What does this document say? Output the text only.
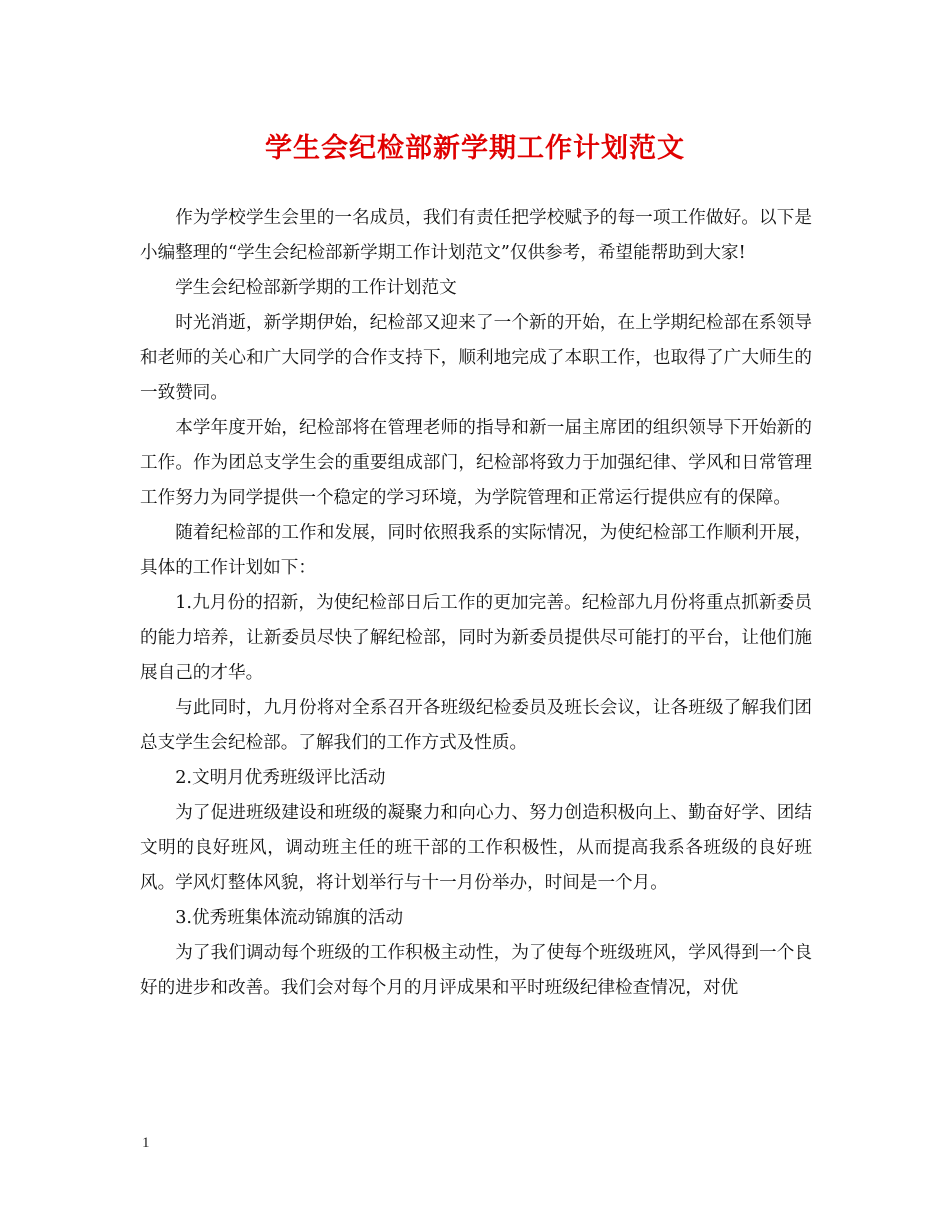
学生会纪检部新学期工作计划范文

作为学校学生会里的一名成员，我们有责任把学校赋予的每一项工作做好。以下是小编整理的“学生会纪检部新学期工作计划范文”仅供参考，希望能帮助到大家!

学生会纪检部新学期的工作计划范文

时光消逝，新学期伊始，纪检部又迎来了一个新的开始，在上学期纪检部在系领导和老师的关心和广大同学的合作支持下，顺利地完成了本职工作，也取得了广大师生的一致赞同。

本学年度开始，纪检部将在管理老师的指导和新一届主席团的组织领导下开始新的工作。作为团总支学生会的重要组成部门，纪检部将致力于加强纪律、学风和日常管理工作努力为同学提供一个稳定的学习环境，为学院管理和正常运行提供应有的保障。

随着纪检部的工作和发展，同时依照我系的实际情况，为使纪检部工作顺利开展，具体的工作计划如下：

1.九月份的招新，为使纪检部日后工作的更加完善。纪检部九月份将重点抓新委员的能力培养，让新委员尽快了解纪检部，同时为新委员提供尽可能打的平台，让他们施展自己的才华。

与此同时，九月份将对全系召开各班级纪检委员及班长会议，让各班级了解我们团总支学生会纪检部。了解我们的工作方式及性质。

2.文明月优秀班级评比活动

为了促进班级建设和班级的凝聚力和向心力、努力创造积极向上、勤奋好学、团结文明的良好班风，调动班主任的班干部的工作积极性，从而提高我系各班级的良好班风。学风灯整体风貌，将计划举行与十一月份举办，时间是一个月。

3.优秀班集体流动锦旗的活动

为了我们调动每个班级的工作积极主动性，为了使每个班级班风，学风得到一个良好的进步和改善。我们会对每个月的月评成果和平时班级纪律检查情况，对优

1
